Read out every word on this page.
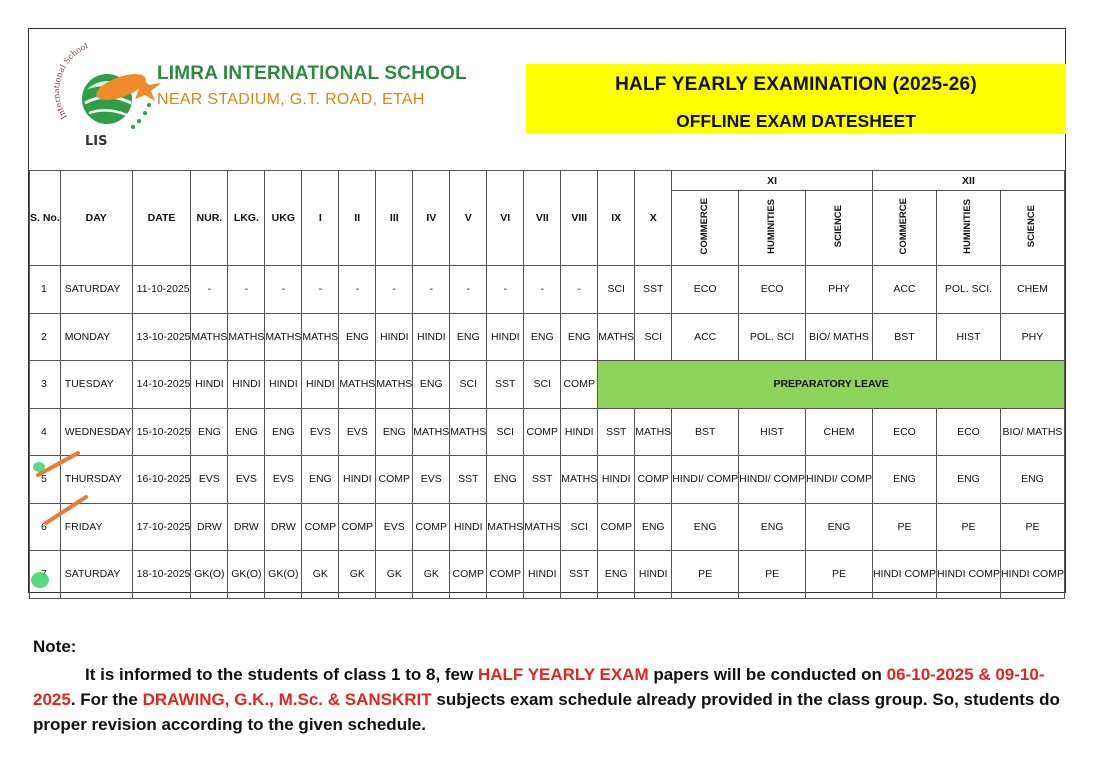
International School
LIS
LIMRA INTERNATIONAL SCHOOL
NEAR STADIUM, G.T. ROAD, ETAH
HALF YEARLY EXAMINATION (2025-26)
OFFLINE EXAM DATESHEET
S. No.	DAY	DATE	NUR.	LKG.	UKG	I	II	III	IV	V	VI	VII	VIII	IX	X	XI			XII		
																COMMERCE	HUMINITIES	SCIENCE	COMMERCE	HUMINITIES	SCIENCE
1	SATURDAY	11-10-2025	-	-	-	-	-	-	-	-	-	-	-	SCI	SST	ECO	ECO	PHY	ACC	POL. SCI.	CHEM
2	MONDAY	13-10-2025	MATHS	MATHS	MATHS	MATHS	ENG	HINDI	HINDI	ENG	HINDI	ENG	ENG	MATHS	SCI	ACC	POL. SCI	BIO/ MATHS	BST	HIST	PHY
3	TUESDAY	14-10-2025	HINDI	HINDI	HINDI	HINDI	MATHS	MATHS	ENG	SCI	SST	SCI	COMP	PREPARATORY LEAVE							
4	WEDNESDAY	15-10-2025	ENG	ENG	ENG	EVS	EVS	ENG	MATHS	MATHS	SCI	COMP	HINDI	SST	MATHS	BST	HIST	CHEM	ECO	ECO	BIO/ MATHS
5	THURSDAY	16-10-2025	EVS	EVS	EVS	ENG	HINDI	COMP	EVS	SST	ENG	SST	MATHS	HINDI	COMP	HINDI/ COMP	HINDI/ COMP	HINDI/ COMP	ENG	ENG	ENG
6	FRIDAY	17-10-2025	DRW	DRW	DRW	COMP	COMP	EVS	COMP	HINDI	MATHS	MATHS	SCI	COMP	ENG	ENG	ENG	ENG	PE	PE	PE
	SATURDAY	18-10-2025	GK(O)	GK(O)	GK(O)	GK	GK	GK	GK	COMP	COMP	HINDI	SST	ENG	HINDI	PE	PE	PE	HINDI COMP	HINDI COMP	HINDI COMP
Note:
It is informed to the students of class 1 to 8, few HALF YEARLY EXAM papers will be conducted on 06-10-2025 & 09-10-2025. For the DRAWING, G.K., M.Sc. & SANSKRIT subjects exam schedule already provided in the class group. So, students do proper revision according to the given schedule.
